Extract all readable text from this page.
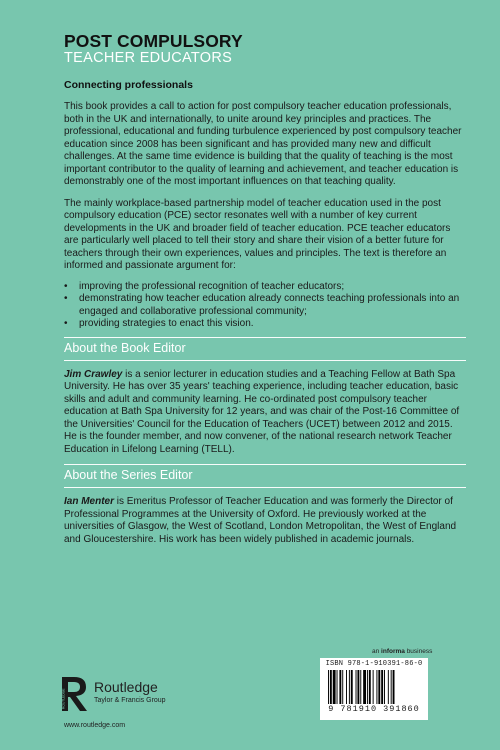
POST COMPULSORY
TEACHER EDUCATORS
Connecting professionals

This book provides a call to action for post compulsory teacher education professionals, both in the UK and internationally, to unite around key principles and practices. The professional, educational and funding turbulence experienced by post compulsory teacher education since 2008 has been significant and has provided many new and difficult challenges. At the same time evidence is building that the quality of teaching is the most important contributor to the quality of learning and achievement, and teacher education is demonstrably one of the most important influences on that teaching quality.

The mainly workplace-based partnership model of teacher education used in the post compulsory education (PCE) sector resonates well with a number of key current developments in the UK and broader field of teacher education. PCE teacher educators are particularly well placed to tell their story and share their vision of a better future for teachers through their own experiences, values and principles. The text is therefore an informed and passionate argument for:

• improving the professional recognition of teacher educators;
• demonstrating how teacher education already connects teaching professionals into an engaged and collaborative professional community;
• providing strategies to enact this vision.
About the Book Editor

Jim Crawley is a senior lecturer in education studies and a Teaching Fellow at Bath Spa University. He has over 35 years' teaching experience, including teacher education, basic skills and adult and community learning. He co-ordinated post compulsory teacher education at Bath Spa University for 12 years, and was chair of the Post-16 Committee of the Universities' Council for the Education of Teachers (UCET) between 2012 and 2015. He is the founder member, and now convener, of the national research network Teacher Education in Lifelong Learning (TELL).

About the Series Editor

Ian Menter is Emeritus Professor of Teacher Education and was formerly the Director of Professional Programmes at the University of Oxford. He previously worked at the universities of Glasgow, the West of Scotland, London Metropolitan, the West of England and Gloucestershire. His work has been widely published in academic journals.

an informa business
ISBN 978-1-910391-86-0
9 781910 391860
ROUTLEDGE
Routledge
Taylor & Francis Group
www.routledge.com
